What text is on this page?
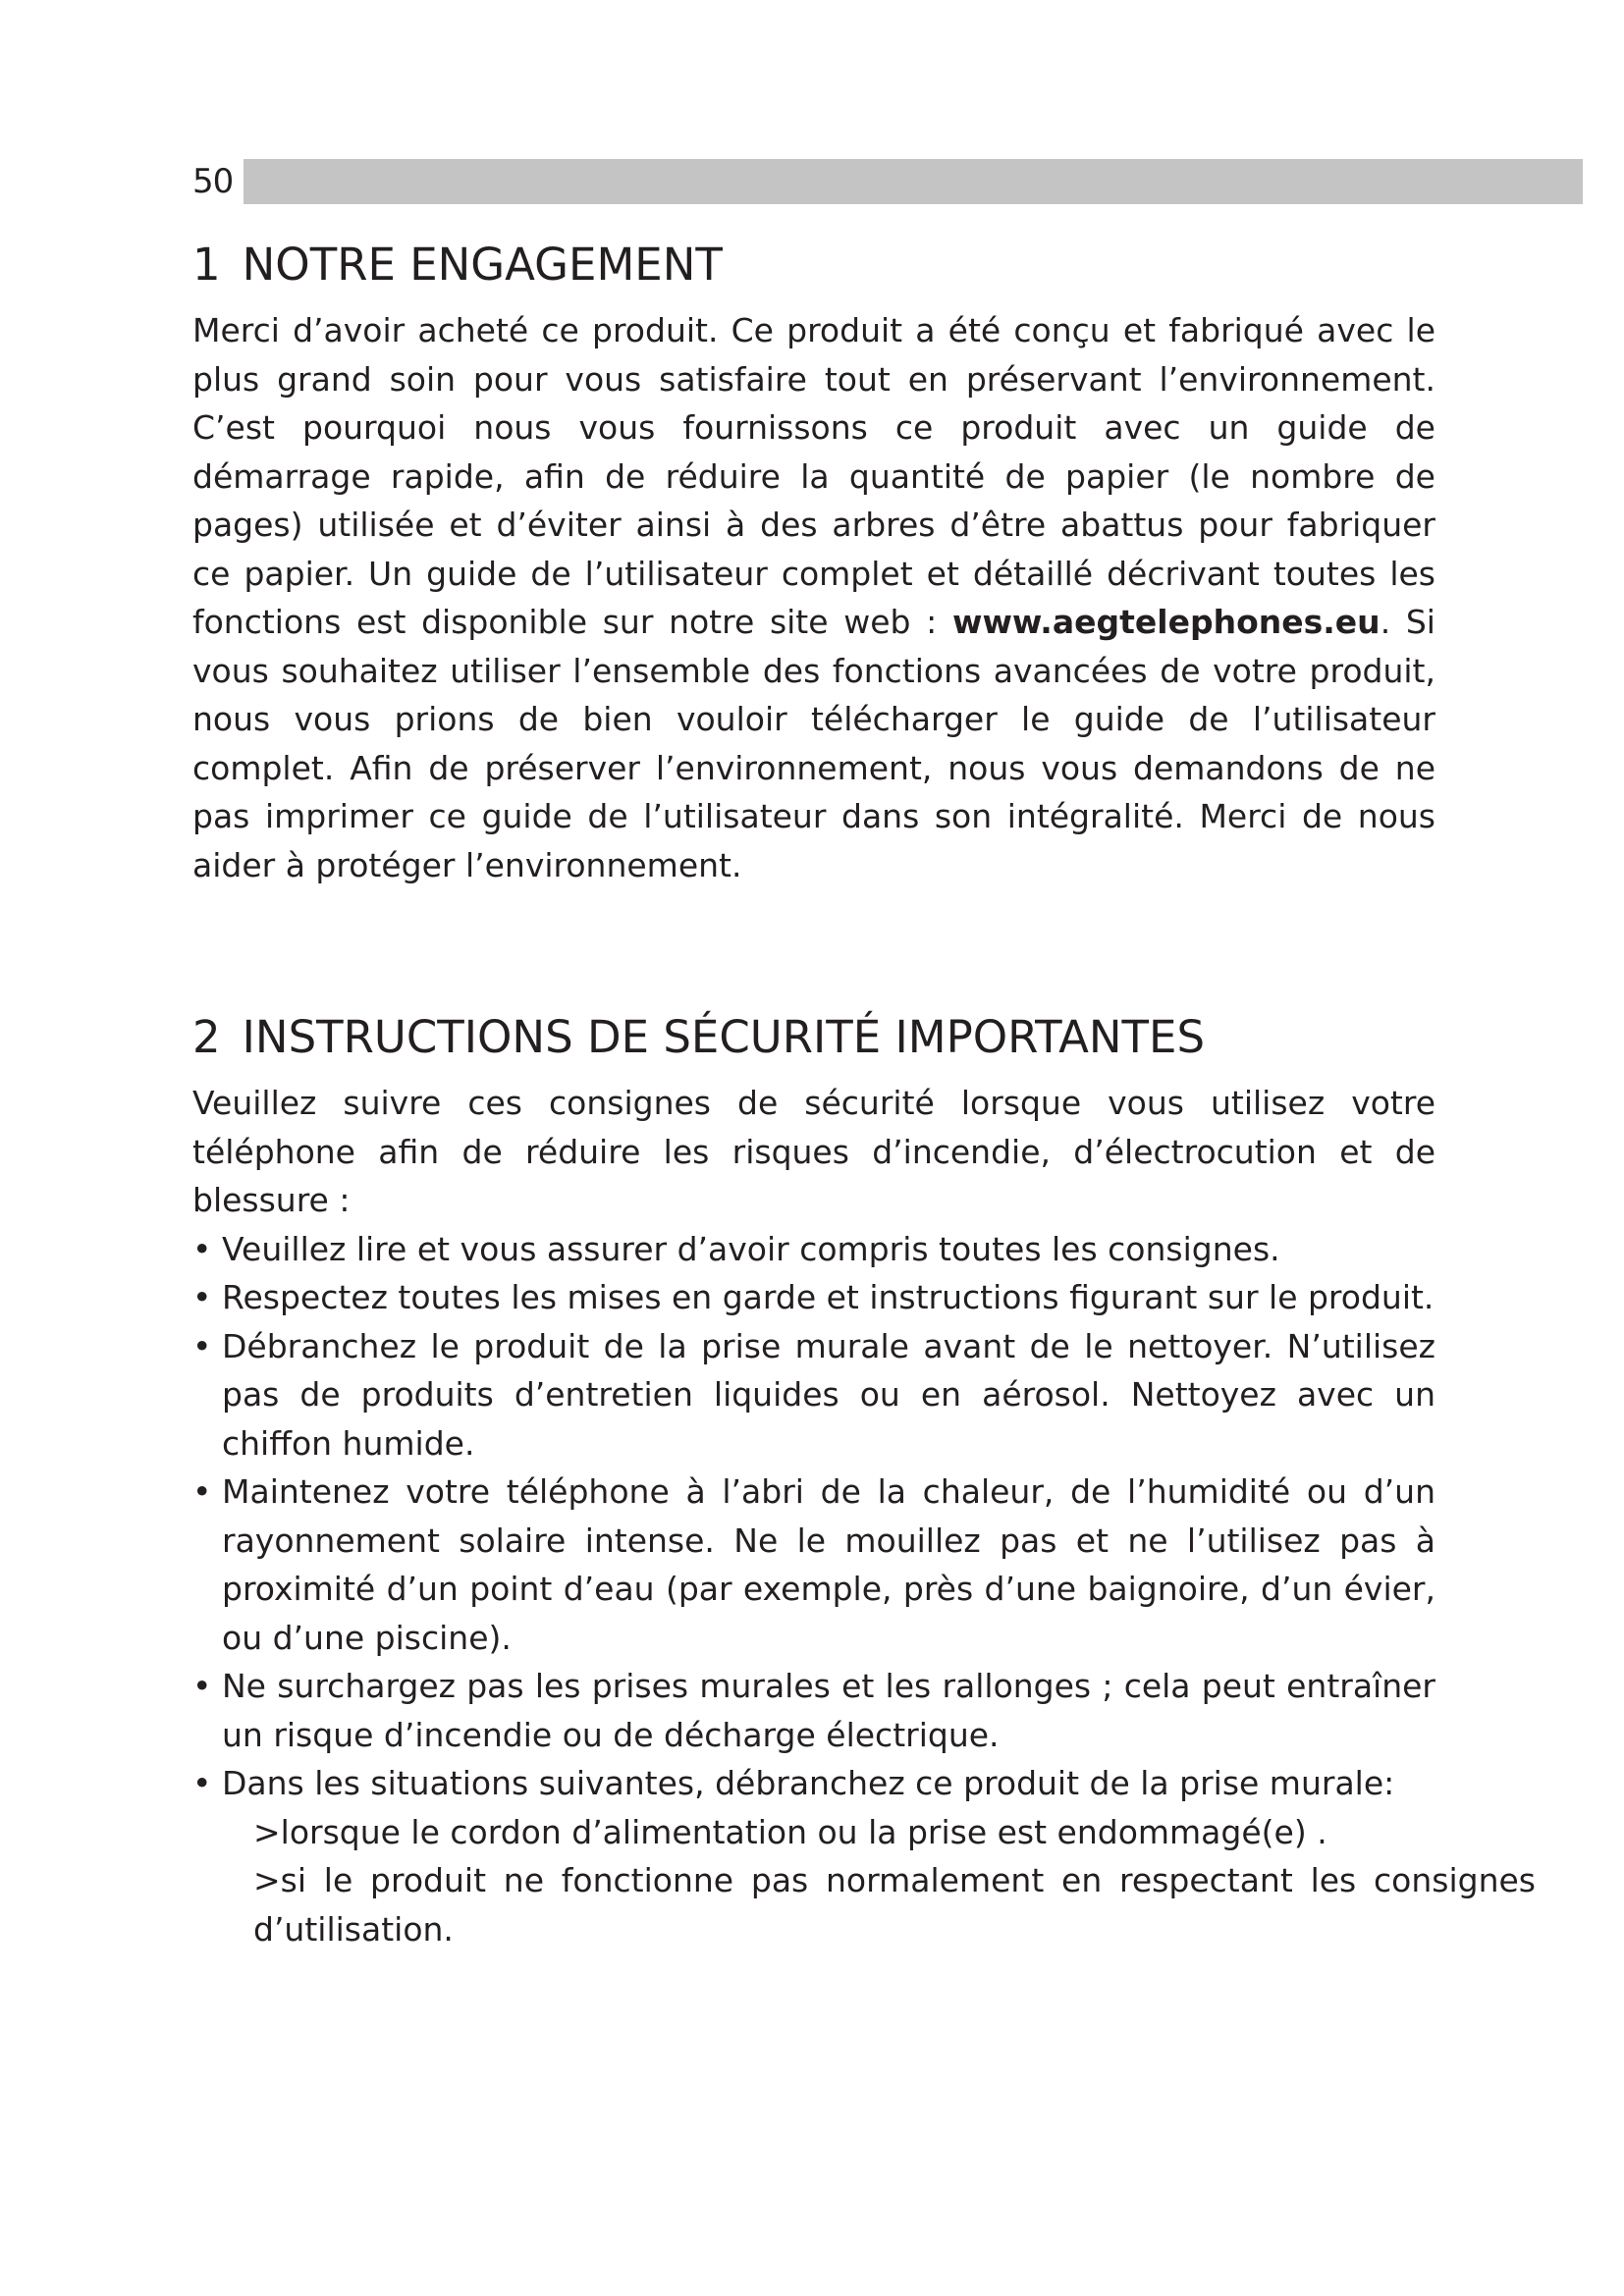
50
1 NOTRE ENGAGEMENT

Merci d’avoir acheté ce produit. Ce produit a été conçu et fabriqué avec le plus grand soin pour vous satisfaire tout en préservant l’environnement. C’est pourquoi nous vous fournissons ce produit avec un guide de démarrage rapide, afin de réduire la quantité de papier (le nombre de pages) utilisée et d’éviter ainsi à des arbres d’être abattus pour fabriquer ce papier. Un guide de l’utilisateur complet et détaillé décrivant toutes les fonctions est disponible sur notre site web : www.aegtelephones.eu. Si vous souhaitez utiliser l’ensemble des fonctions avancées de votre produit, nous vous prions de bien vouloir télécharger le guide de l’utilisateur complet. Afin de préserver l’environnement, nous vous demandons de ne pas imprimer ce guide de l’utilisateur dans son intégralité. Merci de nous aider à protéger l’environnement.

2 INSTRUCTIONS DE SÉCURITÉ IMPORTANTES

Veuillez suivre ces consignes de sécurité lorsque vous utilisez votre téléphone afin de réduire les risques d’incendie, d’électrocution et de blessure :

• Veuillez lire et vous assurer d’avoir compris toutes les consignes.
• Respectez toutes les mises en garde et instructions figurant sur le produit.
• Débranchez le produit de la prise murale avant de le nettoyer. N’utilisez pas de produits d’entretien liquides ou en aérosol. Nettoyez avec un chiffon humide.
• Maintenez votre téléphone à l’abri de la chaleur, de l’humidité ou d’un rayonnement solaire intense. Ne le mouillez pas et ne l’utilisez pas à proximité d’un point d’eau (par exemple, près d’une baignoire, d’un évier, ou d’une piscine).
• Ne surchargez pas les prises murales et les rallonges ; cela peut entraîner un risque d’incendie ou de décharge électrique.
• Dans les situations suivantes, débranchez ce produit de la prise murale:
>lorsque le cordon d’alimentation ou la prise est endommagé(e) .
>si le produit ne fonctionne pas normalement en respectant les consignes d’utilisation.
